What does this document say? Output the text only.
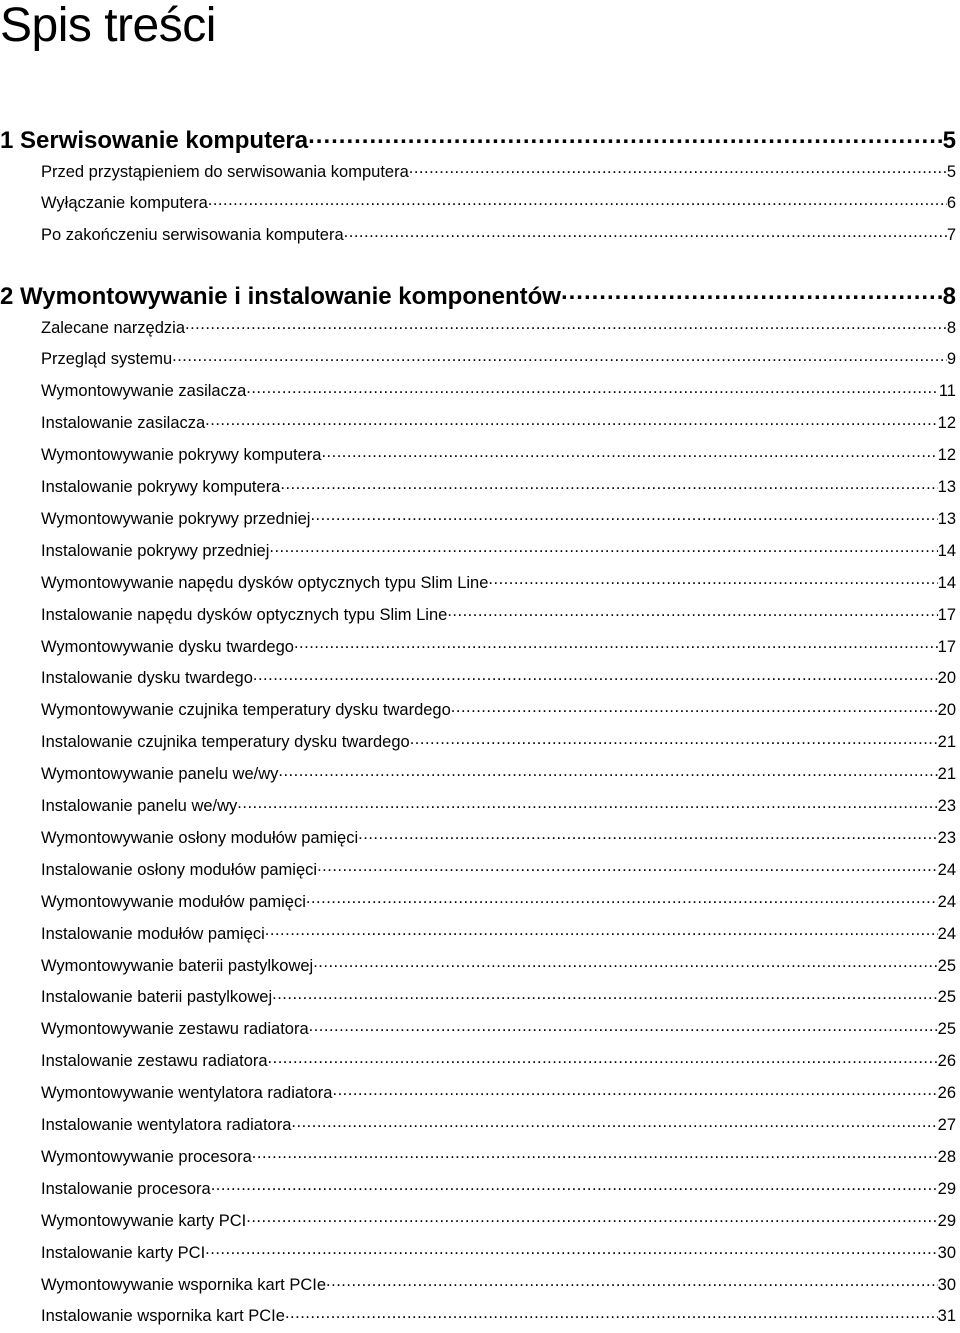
Spis treści
1 Serwisowanie komputera .....	5
Przed przystąpieniem do serwisowania komputera .....	5
Wyłączanie komputera .....	6
Po zakończeniu serwisowania komputera .....	7
2 Wymontowywanie i instalowanie komponentów .....	8
Zalecane narzędzia .....	8
Przegląd systemu .....	9
Wymontowywanie zasilacza .....	11
Instalowanie zasilacza .....	12
Wymontowywanie pokrywy komputera .....	12
Instalowanie pokrywy komputera .....	13
Wymontowywanie pokrywy przedniej .....	13
Instalowanie pokrywy przedniej .....	14
Wymontowywanie napędu dysków optycznych typu Slim Line .....	14
Instalowanie napędu dysków optycznych typu Slim Line .....	17
Wymontowywanie dysku twardego .....	17
Instalowanie dysku twardego .....	20
Wymontowywanie czujnika temperatury dysku twardego .....	20
Instalowanie czujnika temperatury dysku twardego .....	21
Wymontowywanie panelu we/wy .....	21
Instalowanie panelu we/wy .....	23
Wymontowywanie osłony modułów pamięci .....	23
Instalowanie osłony modułów pamięci .....	24
Wymontowywanie modułów pamięci .....	24
Instalowanie modułów pamięci .....	24
Wymontowywanie baterii pastylkowej .....	25
Instalowanie baterii pastylkowej .....	25
Wymontowywanie zestawu radiatora .....	25
Instalowanie zestawu radiatora .....	26
Wymontowywanie wentylatora radiatora .....	26
Instalowanie wentylatora radiatora .....	27
Wymontowywanie procesora .....	28
Instalowanie procesora .....	29
Wymontowywanie karty PCI .....	29
Instalowanie karty PCI .....	30
Wymontowywanie wspornika kart PCIe .....	30
Instalowanie wspornika kart PCIe .....	31
